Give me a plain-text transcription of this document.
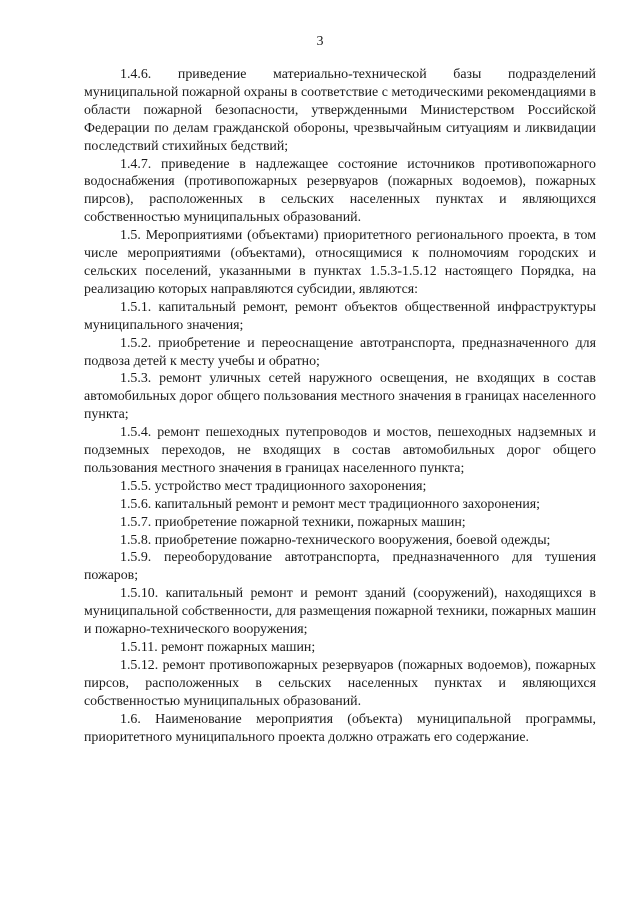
3

1.4.6. приведение материально-технической базы подразделений муниципальной пожарной охраны в соответствие с методическими рекомендациями в области пожарной безопасности, утвержденными Министерством Российской Федерации по делам гражданской обороны, чрезвычайным ситуациям и ликвидации последствий стихийных бедствий;

1.4.7. приведение в надлежащее состояние источников противопожарного водоснабжения (противопожарных резервуаров (пожарных водоемов), пожарных пирсов), расположенных в сельских населенных пунктах и являющихся собственностью муниципальных образований.

1.5. Мероприятиями (объектами) приоритетного регионального проекта, в том числе мероприятиями (объектами), относящимися к полномочиям городских и сельских поселений, указанными в пунктах 1.5.3-1.5.12 настоящего Порядка, на реализацию которых направляются субсидии, являются:

1.5.1. капитальный ремонт, ремонт объектов общественной инфраструктуры муниципального значения;

1.5.2. приобретение и переоснащение автотранспорта, предназначенного для подвоза детей к месту учебы и обратно;

1.5.3. ремонт уличных сетей наружного освещения, не входящих в состав автомобильных дорог общего пользования местного значения в границах населенного пункта;

1.5.4. ремонт пешеходных путепроводов и мостов, пешеходных надземных и подземных переходов, не входящих в состав автомобильных дорог общего пользования местного значения в границах населенного пункта;

1.5.5. устройство мест традиционного захоронения;

1.5.6. капитальный ремонт и ремонт мест традиционного захоронения;

1.5.7. приобретение пожарной техники, пожарных машин;

1.5.8. приобретение пожарно-технического вооружения, боевой одежды;

1.5.9. переоборудование автотранспорта, предназначенного для тушения пожаров;

1.5.10. капитальный ремонт и ремонт зданий (сооружений), находящихся в муниципальной собственности, для размещения пожарной техники, пожарных машин и пожарно-технического вооружения;

1.5.11. ремонт пожарных машин;

1.5.12. ремонт противопожарных резервуаров (пожарных водоемов), пожарных пирсов, расположенных в сельских населенных пунктах и являющихся собственностью муниципальных образований.

1.6. Наименование мероприятия (объекта) муниципальной программы, приоритетного муниципального проекта должно отражать его содержание.
